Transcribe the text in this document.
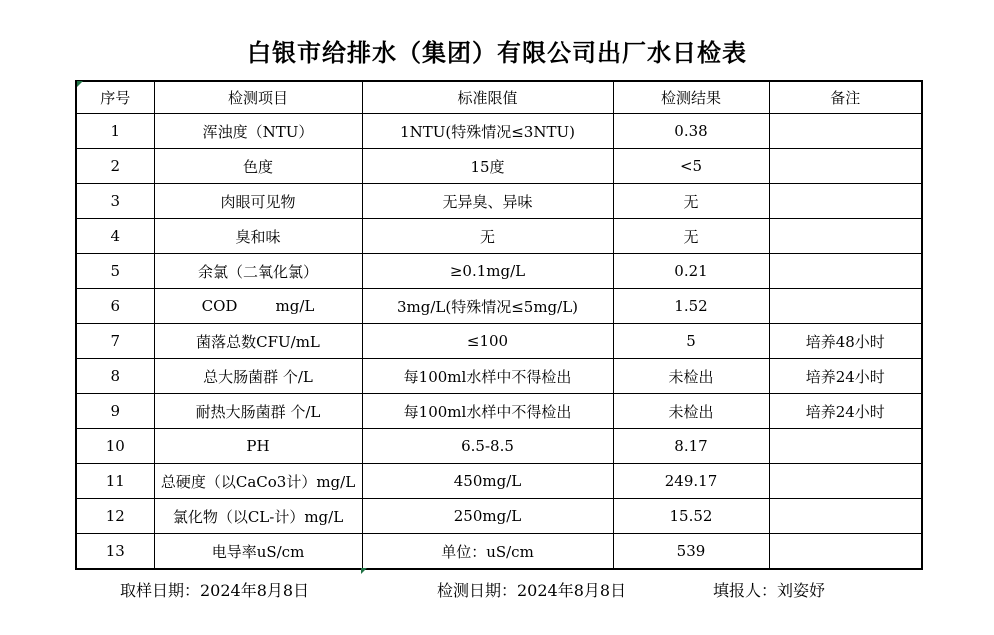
白银市给排水（集团）有限公司出厂水日检表
序号	检测项目	标准限值	检测结果	备注
1	浑浊度（NTU）	1NTU(特殊情况≤3NTU)	0.38	
2	色度	15度	<5	
3	肉眼可见物	无异臭、异味	无	
4	臭和味	无	无	
5	余氯（二氧化氯）	≥0.1mg/L	0.21	
6	COD        mg/L	3mg/L(特殊情况≤5mg/L)	1.52	
7	菌落总数CFU/mL	≤100	5	培养48小时
8	总大肠菌群 个/L	每100ml水样中不得检出	未检出	培养24小时
9	耐热大肠菌群 个/L	每100ml水样中不得检出	未检出	培养24小时
10	PH	6.5-8.5	8.17	
11	总硬度（以CaCo3计）mg/L	450mg/L	249.17	
12	氯化物（以CL-计）mg/L	250mg/L	15.52	
13	电导率uS/cm	单位：uS/cm	539	
取样日期：2024年8月8日	检测日期：2024年8月8日	填报人：刘姿妤
